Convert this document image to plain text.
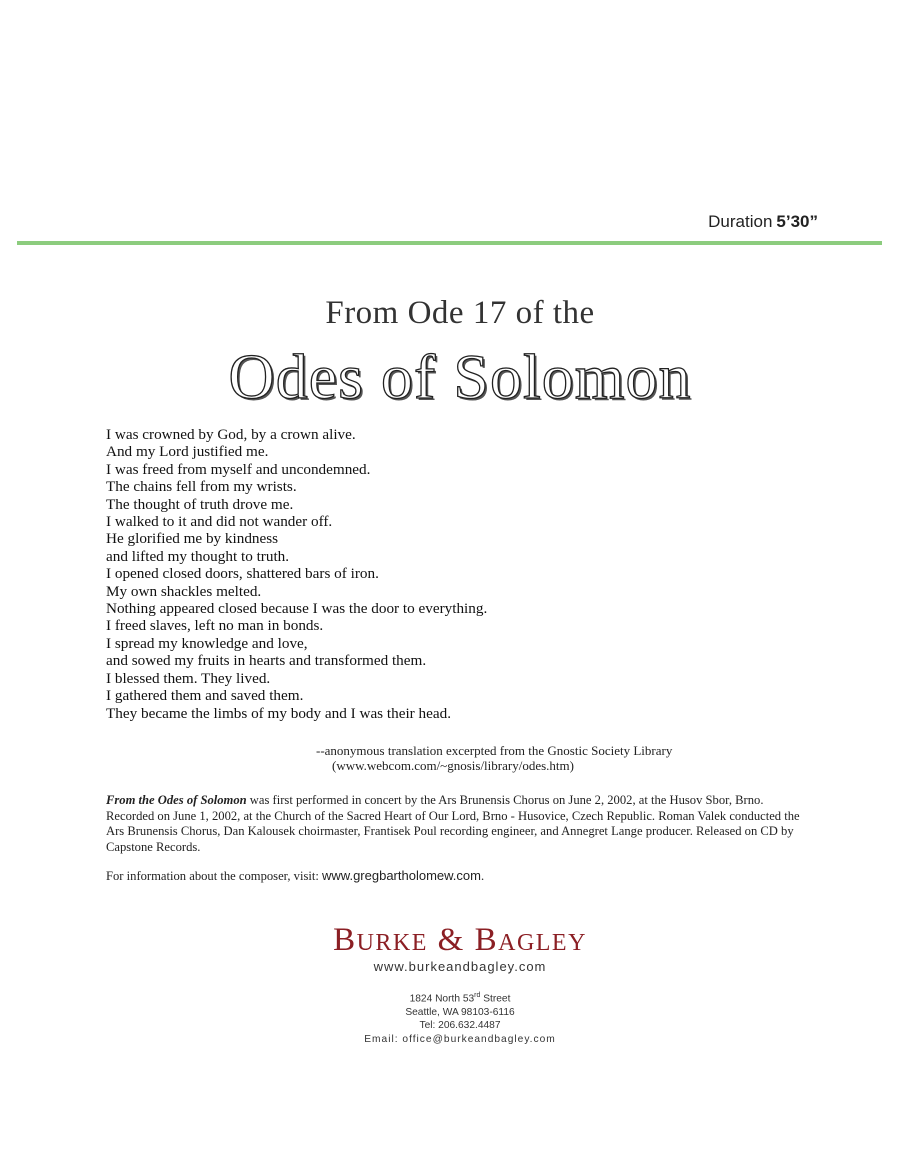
Duration 5’30”
From Ode 17 of the
Odes of Solomon
I was crowned by God, by a crown alive.
And my Lord justified me.
I was freed from myself and uncondemned.
The chains fell from my wrists.
The thought of truth drove me.
I walked to it and did not wander off.
He glorified me by kindness
and lifted my thought to truth.
I opened closed doors, shattered bars of iron.
My own shackles melted.
Nothing appeared closed because I was the door to everything.
I freed slaves, left no man in bonds.
I spread my knowledge and love,
and sowed my fruits in hearts and transformed them.
I blessed them. They lived.
I gathered them and saved them.
They became the limbs of my body and I was their head.
--anonymous translation excerpted from the Gnostic Society Library
(www.webcom.com/~gnosis/library/odes.htm)
From the Odes of Solomon was first performed in concert by the Ars Brunensis Chorus on June 2, 2002, at the Husov Sbor, Brno. Recorded on June 1, 2002, at the Church of the Sacred Heart of Our Lord, Brno - Husovice, Czech Republic. Roman Valek conducted the Ars Brunensis Chorus, Dan Kalousek choirmaster, Frantisek Poul recording engineer, and Annegret Lange producer. Released on CD by Capstone Records.
For information about the composer, visit: www.gregbartholomew.com.
BURKE & BAGLEY
www.burkeandbagley.com
1824 North 53rd Street
Seattle, WA 98103-6116
Tel: 206.632.4487
Email: office@burkeandbagley.com
